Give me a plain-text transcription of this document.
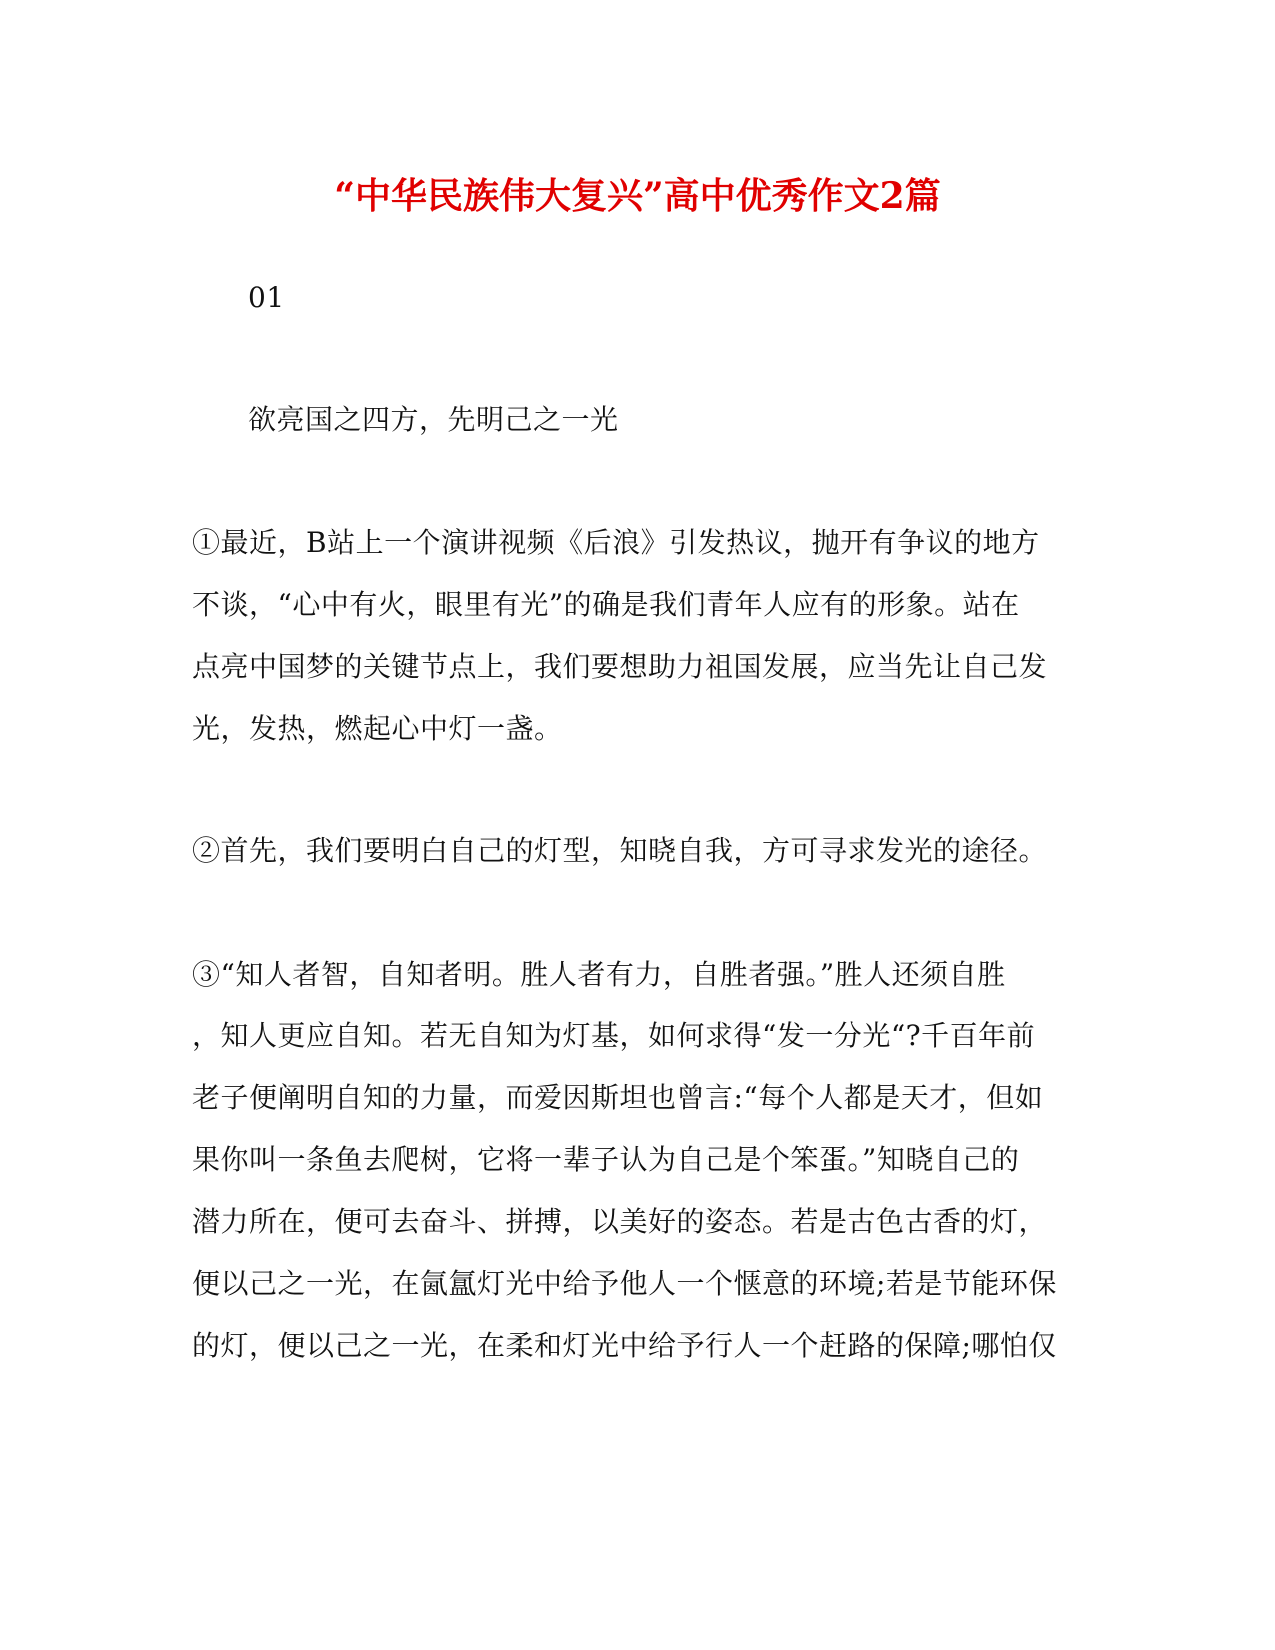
“中华民族伟大复兴”高中优秀作文2篇
01
欲亮国之四方，先明己之一光
①最近，B站上一个演讲视频《后浪》引发热议，抛开有争议的地方
不谈，“心中有火，眼里有光”的确是我们青年人应有的形象。站在
点亮中国梦的关键节点上，我们要想助力祖国发展，应当先让自己发
光，发热，燃起心中灯一盏。
②首先，我们要明白自己的灯型，知晓自我，方可寻求发光的途径。
③“知人者智，自知者明。胜人者有力，自胜者强。”胜人还须自胜
，知人更应自知。若无自知为灯基，如何求得“发一分光“?千百年前
老子便阐明自知的力量，而爱因斯坦也曾言:“每个人都是天才，但如
果你叫一条鱼去爬树，它将一辈子认为自己是个笨蛋。”知晓自己的
潜力所在，便可去奋斗、拼搏，以美好的姿态。若是古色古香的灯，
便以己之一光，在氤氲灯光中给予他人一个惬意的环境;若是节能环保
的灯，便以己之一光，在柔和灯光中给予行人一个赶路的保障;哪怕仅
